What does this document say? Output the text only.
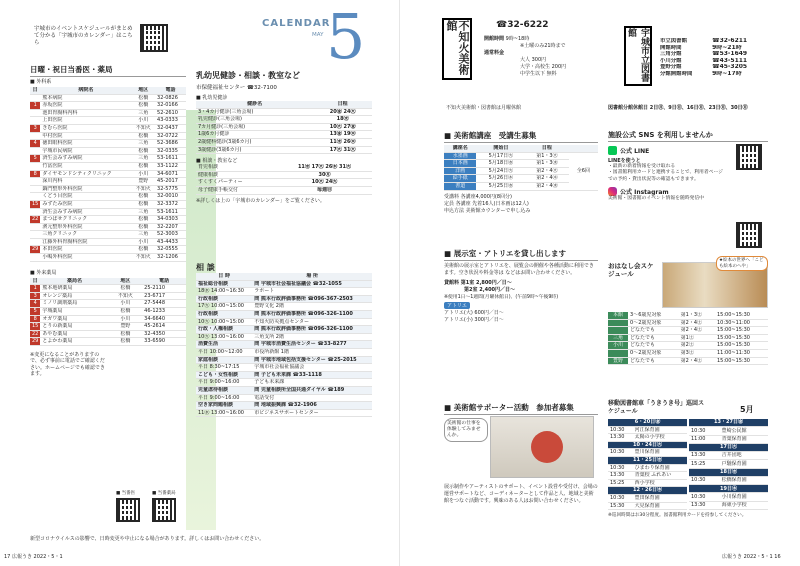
宇城市のイベントスケジュールがまとめて分かる「宇城市のカレンダー」はこちら
日曜・祝日当番医・薬局
■ 外科系
日	病院名	地区	電話
	熊本病院	松橋	32-0826
1	赤坂医院	松橋	32-0166
	池田胃腸科内科	三角	52-2610
	上田医院	小川	43-0333
3	きむら医院	不知火	32-0437
	中村医院	松橋	32-0722
4	徳田眼科医院	三角	52-3686
	宇城市民病院	松橋	32-0335
5	済生会みすみ病院	三角	53-1611
	竹冨医院	松橋	33-1122
8	ダイヤモンドシティクリニック	小川	34-6071
	深川内科	豊野	45-2017
	鍋門整形外科医院	不知火	32-5775
	くどう目医院	松橋	32-0010
15	みずたみ医院	松橋	32-3372
	済生会みすみ病院	三角	53-1611
22	まつばせクリニック	松橋	34-0303
	濱元整形外科医院	松橋	32-2207
	三角クリニック	三角	52-3003
	江藤外科胃腸科医院	小川	43-4433
29	本田医院	松橋	32-0555
	小嶋外科医院	不知火	32-1206
■ 外来薬局
日	薬局名	地区	電話
1	熊本地研薬局	松橋	25-2110
3	オレンジ薬局	不知火	23-6717
4	ミノリ調剤薬局	小川	27-5448
5	宇城薬局	松橋	46-1233
8	オガワ薬局	小川	34-6640
15	とりの新薬局	豊野	45-2614
22	あやむ薬局	松橋	32-4350
29	とよかわ薬局	松橋	33-6590
※変更になることがありますので、必ず事前に電話でご確認ください。ホームページでも確認できます。
■ 当番医	■ 当番薬局
新型コロナウイルスの影響で、日時変更や中止になる場合があります。詳しくはお問い合わせください。
17 広報うき 2022・5・1
CALENDAR
MAY 5
乳幼児健診・相談・教室など
市保健福祉センター ☎32-7100
■ 乳幼児健診
健診名	日程
3・4カ月健診(三角会場)	20㊎ 24㊋
乳児健診(三角会場)	18㊌
7カ月健診(三角会場)	10㊋ 27㊎
1歳6カ月健診	13㊎ 19㊍
2歳健科健診(3歳6カ月)	11㊌ 26㊍
3歳健診(3歳6カ月)	17㊋ 31㊋
■ 相談・教室など
育児相談	11㊌ 17㊋ 26㊍ 31㊋
健康相談	30㊊
すくすくパーティー	10㊋ 24㊋
母子健康手帳交付	毎週㊊
※詳しくは上の「宇城市のカレンダー」をご覧ください。
相 談
日 時	場 所
福祉総合相談	問 宇城市社会福祉協議会 ☎32-1055
18㊌ 14:00~16:30	ラポート
行政相談	問 熊本行政評価事務所 ☎096-367-2503
17㊋ 10:00~15:00	豊野文化 2階
行政相談	問 熊本行政評価事務所 ☎096-326-1100
10㊋ 10:00~15:00	不知火防災拠点センター
行政・人権相談	問 熊本行政評価事務所 ☎096-326-1100
10㊋ 13:00~16:00	三角支所 2階
消費生活	問 宇城市消費生活センター ☎33-8277
平日 10:00~12:00	市役所新館 1階
家庭相談	問 宇城市地域包括支援センター ☎25-2015
平日 8:30~17:15	宇城市社会福祉協議会
こども・女性相談	問 子ども未来課 ☎33-1118
平日 9:00~16:00	子ども未来課
児童虐待相談	問 児童相談所全国共通ダイヤル ☎189
平日 9:00~16:00	電話受付
空き家問題相談	問 地域振興課 ☎32-1906
11㊌ 13:00~16:00	市ビジネスサポートセンター
不知火美術館	☎32-6222
開館時間 9時~18時
※土曜のみ21時まで
通常料金
大人 300円
大学・高校生 200円
中学生以下 無料	宇城市立図書館
市立図書館	☎32-6211
開館時間	9時~21時
三角分館	☎53-1649
小川分館	☎43-5111
豊野分館	☎45-3205
分館開館時間	9時~17時
不知火美術館・図書館は月曜休館	図書館分館休館日 2日㊊、9日㊊、16日㊊、23日㊊、30日㊊
■ 美術館講座　受講生募集
講座名	開始日	日程	
水墨画	5月17日㊋	第1・3㊋	全6回
日本画	5月18日㊌	第1・3㊌	
洋画	5月24日㊋	第2・4㊋	
絵手紙	5月26日㊍	第2・4㊍	
書道	5月25日㊌	第2・4㊌	
受講料 各講座4,000円(8回分)
定員 各講座 先着16人(日本画は12人)
申込方法 美術館カウンターで申し込み
■ 展示室・アトリエを貸し出します
美術館の展示室とアトリエを、展覧会の開催や各種活動に利用できます。空き状況や料金等は などはお問い合わせください。
貸館料 第1室 2,800円／日～
第2室 2,400円／日～
※使用1日～1週間(月曜休館日)、(午前9時~午後9時)
アトリエ
アトリエ(大) 600円／日～
アトリエ(小) 300円／日～
■ 美術館サポーター活動　参加者募集
美術館の仕事を体験してみませんか。
展示制作やアーティストのサポート、イベント設営や受付け、会場の運営サポートなど、コーディネーターとして作品と人、地域と美術館をつなぐ活動です。興味のある人はお問い合わせください。
施設公式 SNS を利用しませんか
公式 LINE
LINEを使うと
・最新の新着情報を受け取れる
・図書館利用カードと連携することで、利用者ページでの予約・貸出状況等の確認もできます。
公式 Instagram
美術館・図書館のイベント情報を随時発信中
おはなし会スケジュール
★絵本の世界へ「こども絵本のへや」
本館	3～6歳児対象	第1・3㊏	15:00~15:30
	0～2歳児対象	第2・4㊏	10:30~11:00
	どなたでも	第2・4㊏	15:00~15:30
三角	どなたでも	第1㊏	15:00~15:30
小川	どなたでも	第2㊏	15:00~15:30
	0～2歳児対象	第3㊏	11:00~11:30
豊野	どなたでも	第2・4㊏	15:00~15:30
移動図書館車「うきうき号」巡回スケジュール	5月
6・20日㊎	
10:30	河江保育園
13:30	太陽の小学校
10・24日㊋	
10:30	豊川保育園
11・25日㊌	
10:30	ひまわり保育園
13:30	青葉校 ふれあい
15:25	西小学校
12・26日㊍	
10:30	豊田保育園
15:30	大見保育園
13・27日㊎	
10:30	豊崎公民館
11:00	青葉保育園
17日㊋	
13:30	吉井団地
15:25	戸馳保育園
18日㊌	
10:30	松橋保育園
19日㊍	
10:30	小川保育園
13:30	海東小学校
※巡回時間はお30分程度。図書館利用カードを持参してください。
広報うき 2022・5・1 16
